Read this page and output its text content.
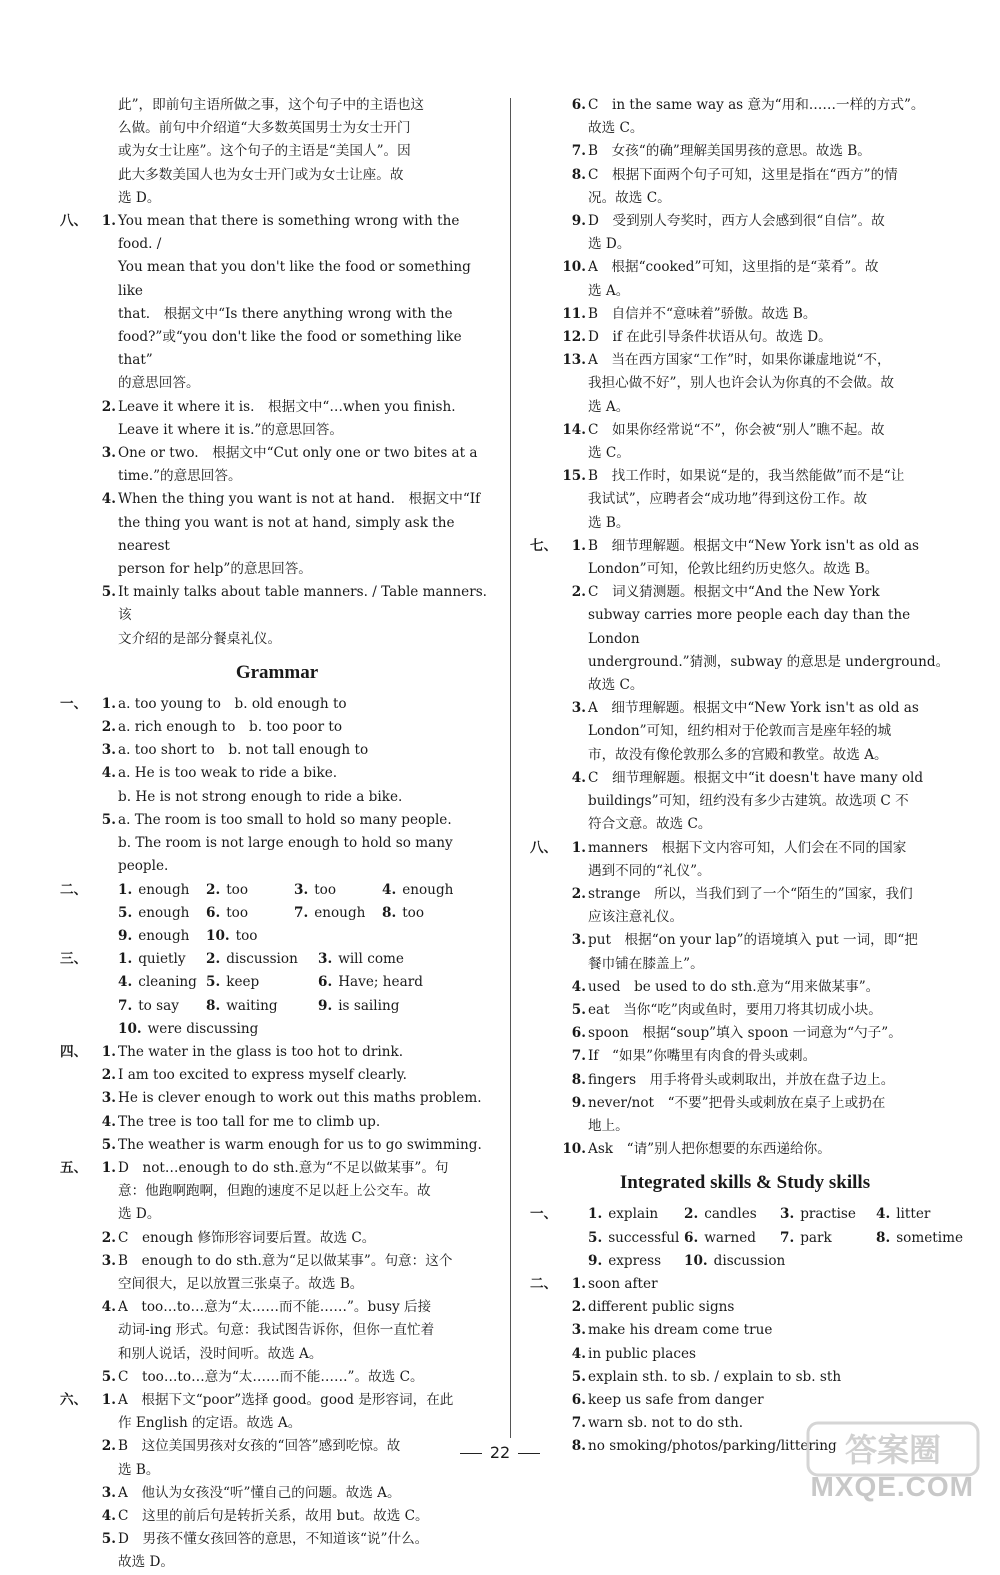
此”，即前句主语所做之事，这个句子中的主语也这
么做。前句中介绍道“大多数英国男士为女士开门
或为女士让座”。这个句子的主语是“美国人”。因
此大多数美国人也为女士开门或为女士让座。故
选 D。
八、	1. You mean that there is something wrong with the food. /
You mean that you don't like the food or something like
that.　根据文中“Is there anything wrong with the
food?”或“you don't like the food or something like that”
的意思回答。
2. Leave it where it is.　根据文中“…when you finish.
Leave it where it is.”的意思回答。
3. One or two.　根据文中“Cut only one or two bites at a
time.”的意思回答。
4. When the thing you want is not at hand.　根据文中“If
the thing you want is not at hand, simply ask the nearest
person for help”的意思回答。
5. It mainly talks about table manners. / Table manners. 该
文介绍的是部分餐桌礼仪。
Grammar
一、	1. a. too young to　b. old enough to
2. a. rich enough to　b. too poor to
3. a. too short to　b. not tall enough to
4. a. He is too weak to ride a bike.
b. He is not strong enough to ride a bike.
5. a. The room is too small to hold so many people.
b. The room is not large enough to hold so many people.
二、 1. enough 2. too	3. too	4. enough
5. enough 6. too	7. enough 8. too
9. enough 10. too
三、 1. quietly 2. discussion 3. will come
4. cleaning 5. keep	6. Have; heard
7. to say 8. waiting	9. is sailing
10. were discussing
四、	1. The water in the glass is too hot to drink.
2. I am too excited to express myself clearly.
3. He is clever enough to work out this maths problem.
4. The tree is too tall for me to climb up.
5. The weather is warm enough for us to go swimming.
五、	1. D　not…enough to do sth.意为“不足以做某事”。句
意：他跑啊跑啊，但跑的速度不足以赶上公交车。故
选 D。
2. C　enough 修饰形容词要后置。故选 C。
3. B　enough to do sth.意为“足以做某事”。句意：这个
空间很大，足以放置三张桌子。故选 B。
4. A　too…to…意为“太……而不能……”。busy 后接
动词-ing 形式。句意：我试图告诉你，但你一直忙着
和别人说话，没时间听。故选 A。
5. C　too…to…意为“太……而不能……”。故选 C。
六、	1. A　根据下文“poor”选择 good。good 是形容词，在此
作 English 的定语。故选 A。
2. B　这位美国男孩对女孩的“回答”感到吃惊。故
选 B。
3. A　他认为女孩没“听”懂自己的问题。故选 A。
4. C　这里的前后句是转折关系，故用 but。故选 C。
5. D　男孩不懂女孩回答的意思，不知道该“说”什么。
故选 D。
6. C　in the same way as 意为“用和……一样的方式”。
故选 C。
7. B　女孩“的确”理解美国男孩的意思。故选 B。
8. C　根据下面两个句子可知，这里是指在“西方”的情
况。故选 C。
9. D　受到别人夸奖时，西方人会感到很“自信”。故
选 D。
10. A　根据“cooked”可知，这里指的是“菜肴”。故
选 A。
11. B　自信并不“意味着”骄傲。故选 B。
12. D　if 在此引导条件状语从句。故选 D。
13. A　当在西方国家“工作”时，如果你谦虚地说“不，
我担心做不好”，别人也许会认为你真的不会做。故
选 A。
14. C　如果你经常说“不”，你会被“别人”瞧不起。故
选 C。
15. B　找工作时，如果说“是的，我当然能做”而不是“让
我试试”，应聘者会“成功地”得到这份工作。故
选 B。
七、	1. B　细节理解题。根据文中“New York isn't as old as
London”可知，伦敦比纽约历史悠久。故选 B。
2. C　词义猜测题。根据文中“And the New York
subway carries more people each day than the London
underground.”猜测，subway 的意思是 underground。
故选 C。
3. A　细节理解题。根据文中“New York isn't as old as
London”可知，纽约相对于伦敦而言是座年轻的城
市，故没有像伦敦那么多的宫殿和教堂。故选 A。
4. C　细节理解题。根据文中“it doesn't have many old
buildings”可知，纽约没有多少古建筑。故选项 C 不
符合文意。故选 C。
八、	1. manners　根据下文内容可知，人们会在不同的国家
遇到不同的“礼仪”。
2. strange　所以，当我们到了一个“陌生的”国家，我们
应该注意礼仪。
3. put　根据“on your lap”的语境填入 put 一词，即“把
餐巾铺在膝盖上”。
4. used　be used to do sth.意为“用来做某事”。
5. eat　当你“吃”肉或鱼时，要用刀将其切成小块。
6. spoon　根据“soup”填入 spoon 一词意为“勺子”。
7. If　“如果”你嘴里有肉食的骨头或刺。
8. fingers　用手将骨头或刺取出，并放在盘子边上。
9. never/not　“不要”把骨头或刺放在桌子上或扔在
地上。
10. Ask　“请”别人把你想要的东西递给你。
Integrated skills & Study skills
一、 1. explain 2. candles 3. practise 4. litter
5. successful 6. warned 7. park	8. sometime
9. express 10. discussion
二、	1. soon after
2. different public signs
3. make his dream come true
4. in public places
5. explain sth. to sb. / explain to sb. sth
6. keep us safe from danger
7. warn sb. not to do sth.
8. no smoking/photos/parking/littering
22	答案圈
MXQE.COM
